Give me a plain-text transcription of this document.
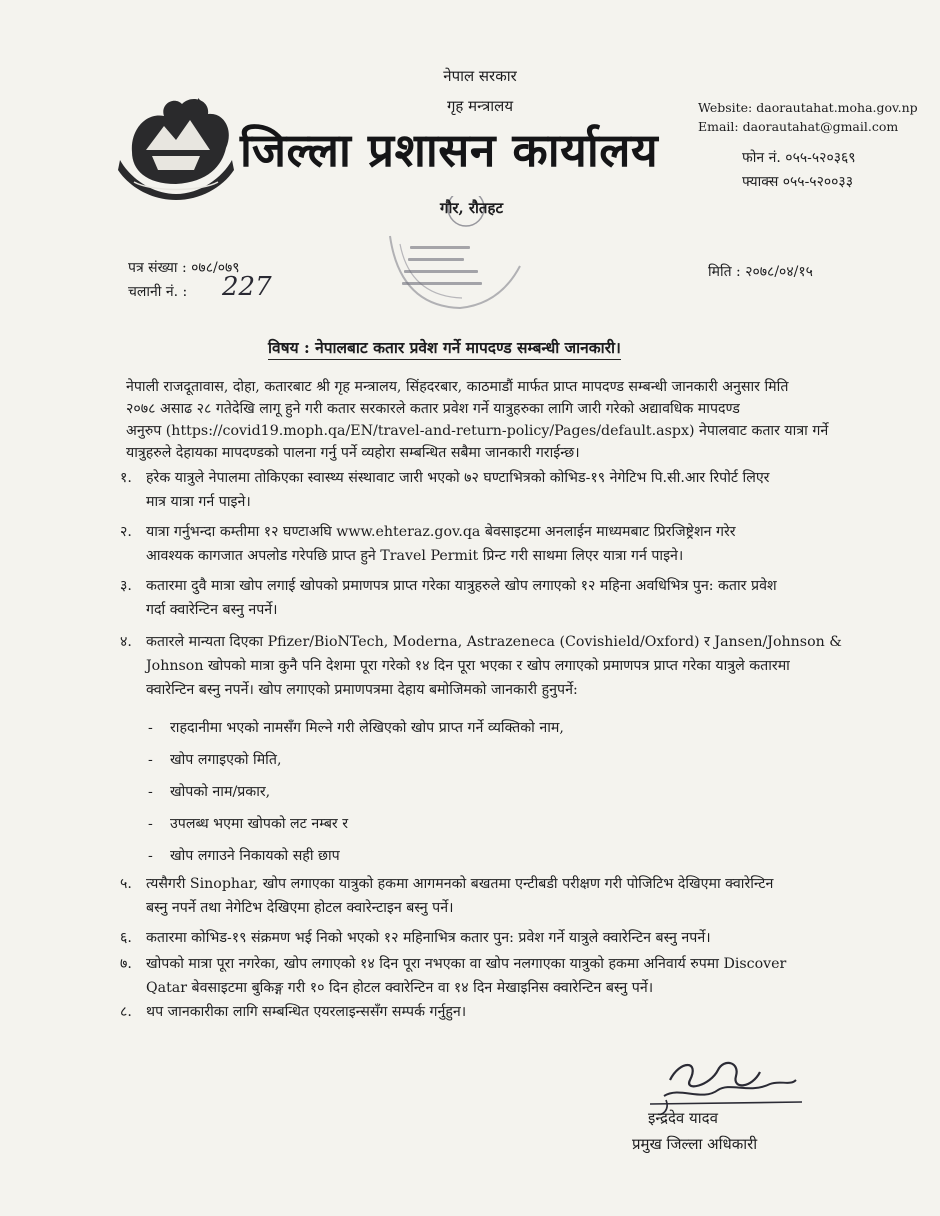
नेपाल सरकार
गृह मन्त्रालय
जिल्ला प्रशासन कार्यालय
Website: daorautahat.moha.gov.np
Email: daorautahat@gmail.com
फोन नं. ०५५-५२०३६९
फ्याक्स ०५५-५२००३३
गौर, रौतहट
पत्र संख्या : ०७८/०७९
चलानी नं. : 227	मिति : २०७८/०४/१५
विषय : नेपालबाट कतार प्रवेश गर्ने मापदण्ड सम्बन्धी जानकारी।
नेपाली राजदूतावास, दोहा, कतारबाट श्री गृह मन्त्रालय, सिंहदरबार, काठमाडौं मार्फत प्राप्त मापदण्ड सम्बन्धी जानकारी अनुसार मिति
२०७८ असाढ २८ गतेदेखि लागू हुने गरी कतार सरकारले कतार प्रवेश गर्ने यात्रुहरुका लागि जारी गरेको अद्यावधिक मापदण्ड
अनुरुप (https://covid19.moph.qa/EN/travel-and-return-policy/Pages/default.aspx) नेपालवाट कतार यात्रा गर्ने
यात्रुहरुले देहायका मापदण्डको पालना गर्नु पर्ने व्यहोरा सम्बन्धित सबैमा जानकारी गराईन्छ।
१. हरेक यात्रुले नेपालमा तोकिएका स्वास्थ्य संस्थावाट जारी भएको ७२ घण्टाभित्रको कोभिड-१९ नेगेटिभ पि.सी.आर रिपोर्ट लिएर
मात्र यात्रा गर्न पाइने।
२. यात्रा गर्नुभन्दा कम्तीमा १२ घण्टाअघि www.ehteraz.gov.qa बेवसाइटमा अनलाईन माध्यमबाट प्रिरजिष्ट्रेशन गरेर
आवश्यक कागजात अपलोड गरेपछि प्राप्त हुने Travel Permit प्रिन्ट गरी साथमा लिएर यात्रा गर्न पाइने।
३. कतारमा दुवै मात्रा खोप लगाई खोपको प्रमाणपत्र प्राप्त गरेका यात्रुहरुले खोप लगाएको १२ महिना अवधिभित्र पुन: कतार प्रवेश
गर्दा क्वारेन्टिन बस्नु नपर्ने।
४. कतारले मान्यता दिएका Pfizer/BioNTech, Moderna, Astrazeneca (Covishield/Oxford) र Jansen/Johnson &
Johnson खोपको मात्रा कुनै पनि देशमा पूरा गरेको १४ दिन पूरा भएका र खोप लगाएको प्रमाणपत्र प्राप्त गरेका यात्रुले कतारमा
क्वारेन्टिन बस्नु नपर्ने। खोप लगाएको प्रमाणपत्रमा देहाय बमोजिमको जानकारी हुनुपर्ने:
- राहदानीमा भएको नामसँग मिल्ने गरी लेखिएको खोप प्राप्त गर्ने व्यक्तिको नाम,
- खोप लगाइएको मिति,
- खोपको नाम/प्रकार,
- उपलब्ध भएमा खोपको लट नम्बर र
- खोप लगाउने निकायको सही छाप
५. त्यसैगरी Sinophar, खोप लगाएका यात्रुको हकमा आगमनको बखतमा एन्टीबडी परीक्षण गरी पोजिटिभ देखिएमा क्वारेन्टिन
बस्नु नपर्ने तथा नेगेटिभ देखिएमा होटल क्वारेन्टाइन बस्नु पर्ने।
६. कतारमा कोभिड-१९ संक्रमण भई निको भएको १२ महिनाभित्र कतार पुन: प्रवेश गर्ने यात्रुले क्वारेन्टिन बस्नु नपर्ने।
७. खोपको मात्रा पूरा नगरेका, खोप लगाएको १४ दिन पूरा नभएका वा खोप नलगाएका यात्रुको हकमा अनिवार्य रुपमा Discover
Qatar बेवसाइटमा बुकिङ्ग गरी १० दिन होटल क्वारेन्टिन वा १४ दिन मेखाइनिस क्वारेन्टिन बस्नु पर्ने।
८. थप जानकारीका लागि सम्बन्धित एयरलाइन्ससँग सम्पर्क गर्नुहुन।
इन्द्रदेव यादव
प्रमुख जिल्ला अधिकारी
